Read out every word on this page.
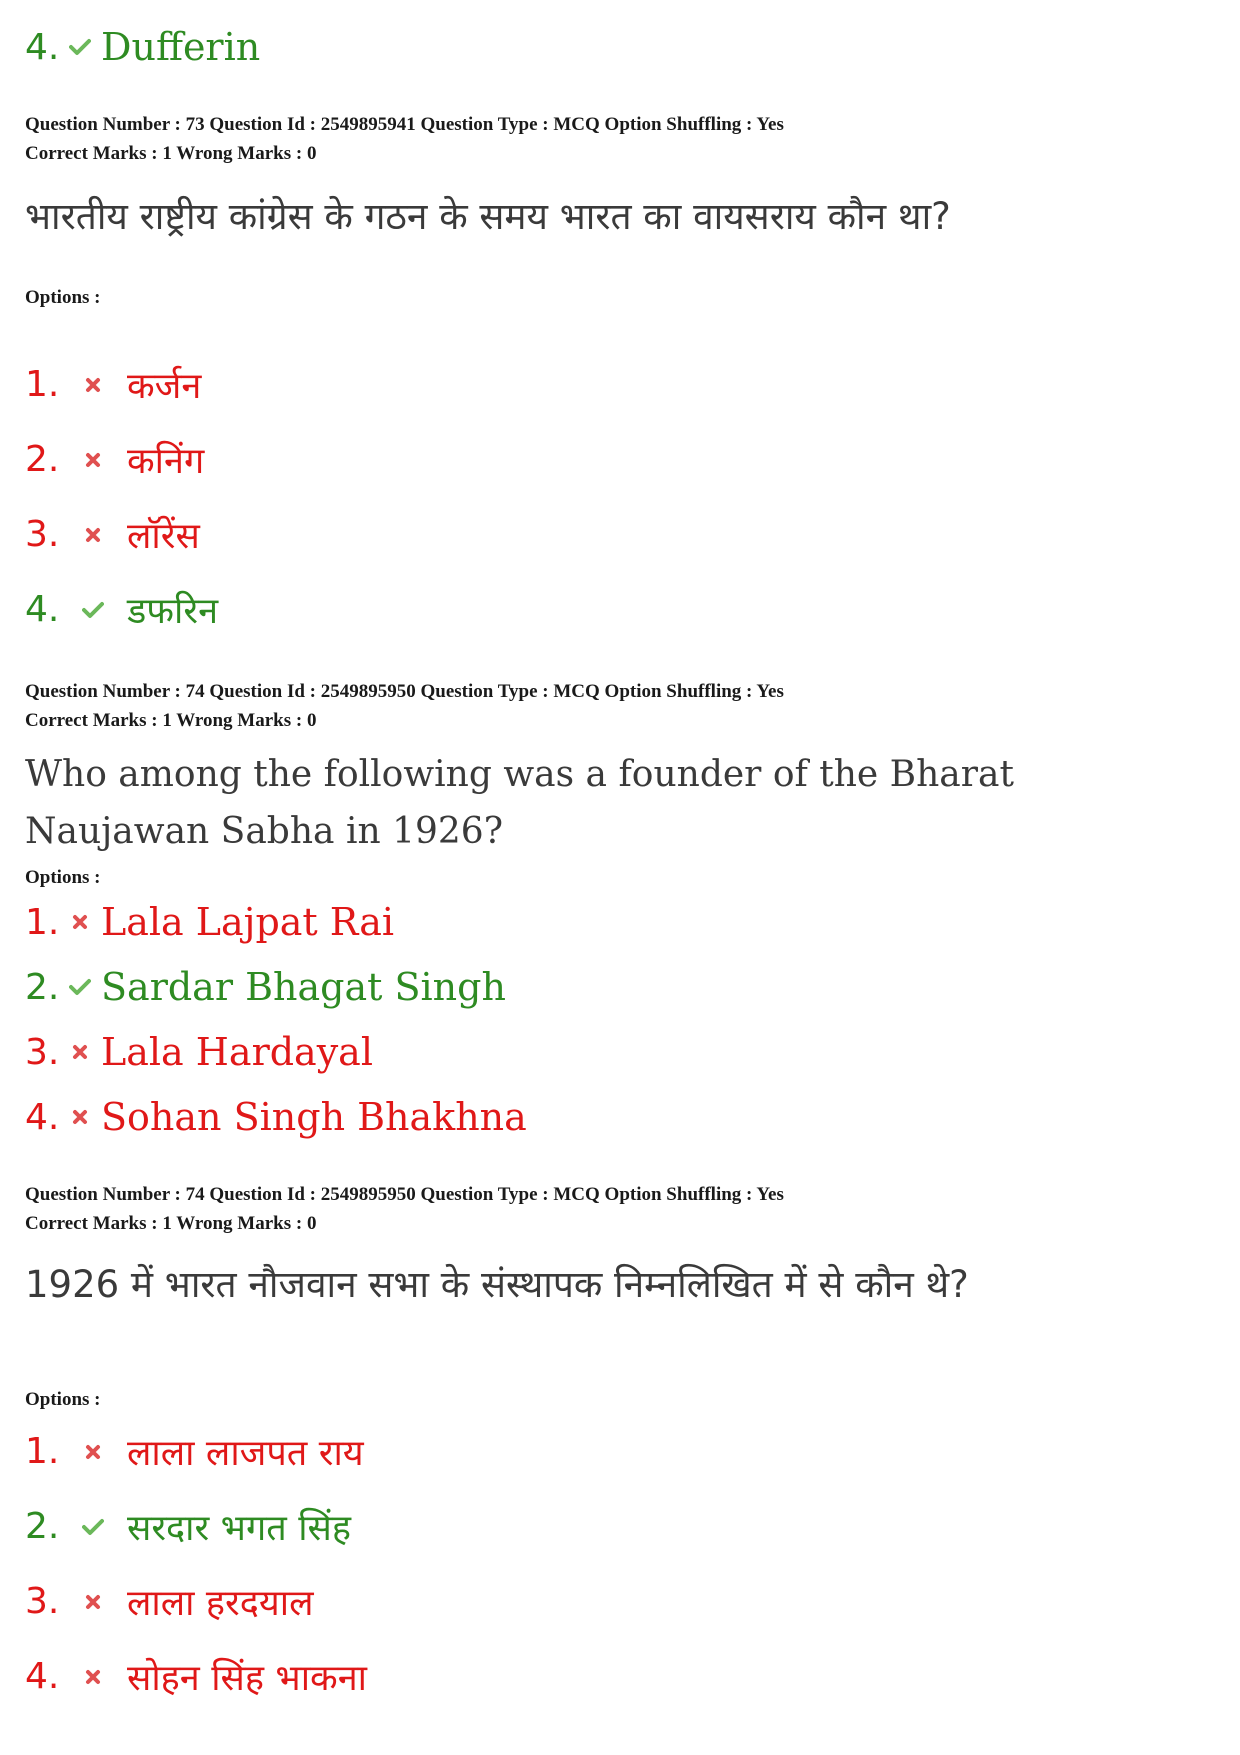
4. Dufferin
Question Number : 73 Question Id : 2549895941 Question Type : MCQ Option Shuffling : Yes
Correct Marks : 1 Wrong Marks : 0
भारतीय राष्ट्रीय कांग्रेस के गठन के समय भारत का वायसराय कौन था?
Options :
1.	कर्जन
2.	कनिंग
3.	लॉरेंस
4.	डफरिन
Question Number : 74 Question Id : 2549895950 Question Type : MCQ Option Shuffling : Yes
Correct Marks : 1 Wrong Marks : 0
Who among the following was a founder of the Bharat Naujawan Sabha in 1926?
Options :
1. Lala Lajpat Rai
2. Sardar Bhagat Singh
3. Lala Hardayal
4. Sohan Singh Bhakhna
Question Number : 74 Question Id : 2549895950 Question Type : MCQ Option Shuffling : Yes
Correct Marks : 1 Wrong Marks : 0
1926 में भारत नौजवान सभा के संस्थापक निम्नलिखित में से कौन थे?
Options :
1.	लाला लाजपत राय
2.	सरदार भगत सिंह
3.	लाला हरदयाल
4.	सोहन सिंह भाकना
